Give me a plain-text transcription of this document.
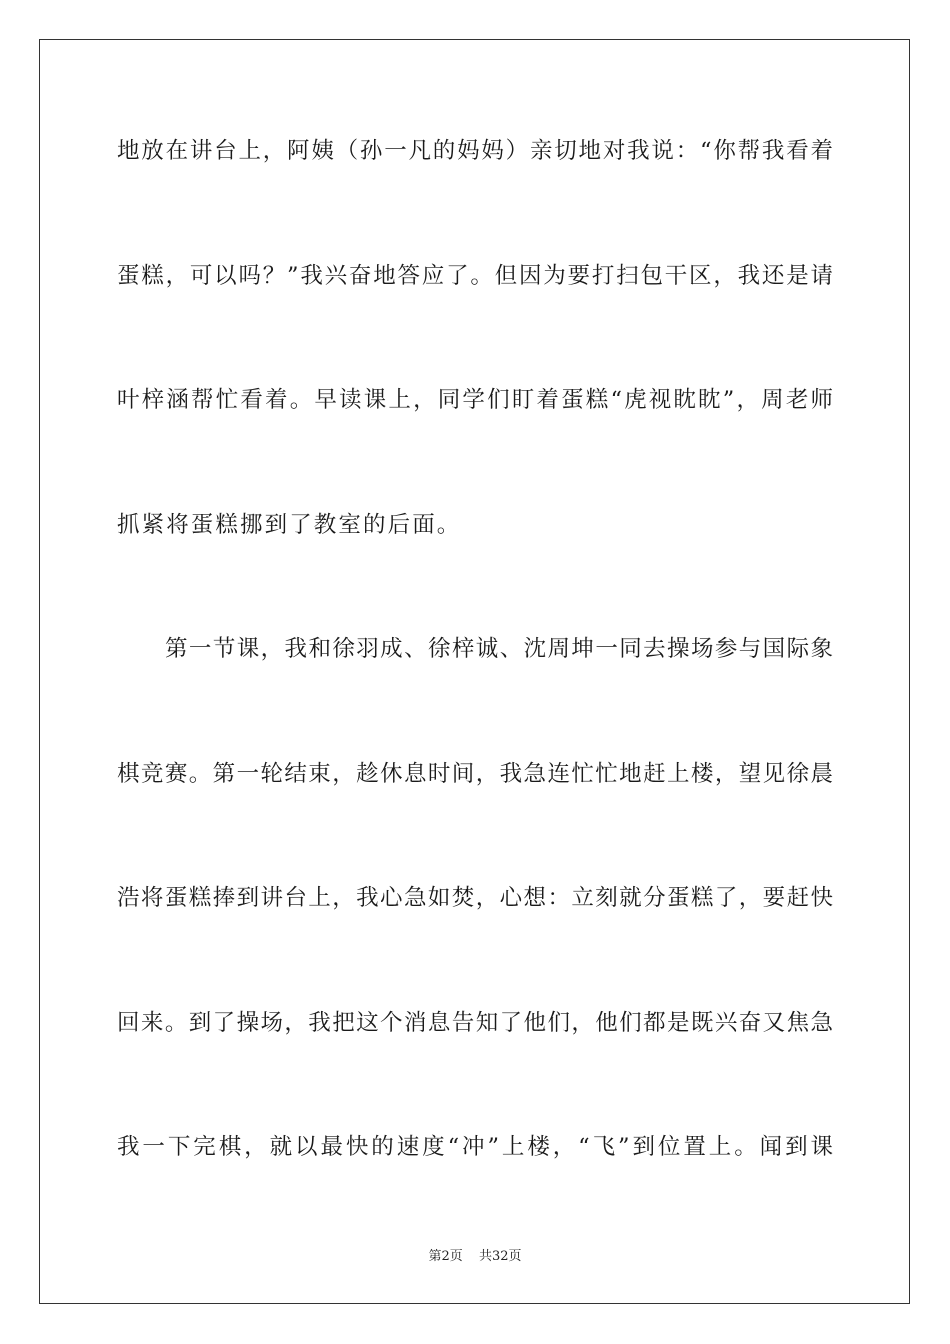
地放在讲台上，阿姨（孙一凡的妈妈）亲切地对我说：“你帮我看着
蛋糕，可以吗？”我兴奋地答应了。但因为要打扫包干区，我还是请
叶梓涵帮忙看着。早读课上，同学们盯着蛋糕“虎视眈眈”，周老师
抓紧将蛋糕挪到了教室的后面。
第一节课，我和徐羽成、徐梓诚、沈周坤一同去操场参与国际象
棋竞赛。第一轮结束，趁休息时间，我急连忙忙地赶上楼，望见徐晨
浩将蛋糕捧到讲台上，我心急如焚，心想：立刻就分蛋糕了，要赶快
回来。到了操场，我把这个消息告知了他们，他们都是既兴奋又焦急
我一下完棋，就以最快的速度“冲”上楼，“飞”到位置上。闻到课
第2页 共32页
